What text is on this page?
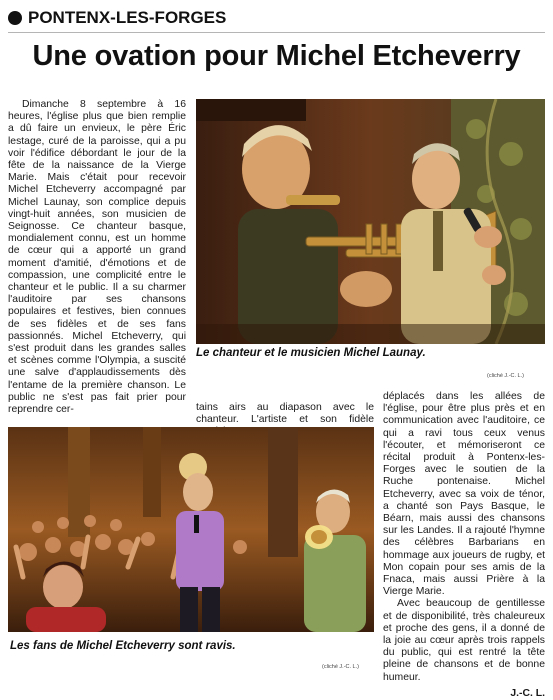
PONTENX-LES-FORGES
Une ovation pour Michel Etcheverry

Dimanche 8 septembre à 16 heures, l'église plus que bien remplie a dû faire un envieux, le père Éric lestage, curé de la paroisse, qui a pu voir l'édifice débordant le jour de la fête de la naissance de la Vierge Marie. Mais c'était pour recevoir Michel Etcheverry accompagné par Michel Launay, son complice depuis vingt-huit années, son musicien de Seignosse. Ce chanteur basque, mondialement connu, est un homme de cœur qui a apporté un grand moment d'amitié, d'émotions et de compassion, une complicité entre le chanteur et le public. Il a su charmer l'auditoire par ses chansons populaires et festives, bien connues de ses fidèles et de ses fans passionnés. Michel Etcheverry, qui s'est produit dans les grandes salles et scènes comme l'Olympia, a suscité une salve d'applaudissements dès l'entame de la première chanson. Le public ne s'est pas fait prier pour reprendre cer-

Le chanteur et le musicien Michel Launay.
(cliché J.-C. L.)

tains airs au diapason avec le chanteur. L'artiste et son fidèle

Les fans de Michel Etcheverry sont ravis.
(cliché J.-C. L.)

déplacés dans les allées de l'église, pour être plus près et en communication avec l'auditoire, ce qui a ravi tous ceux venus l'écouter, et mémoriseront ce récital produit à Pontenx-les-Forges avec le soutien de la Ruche pontenaise. Michel Etcheverry, avec sa voix de ténor, a chanté son Pays Basque, le Béarn, mais aussi des chansons sur les Landes. Il a rajouté l'hymne des célèbres Barbarians en hommage aux joueurs de rugby, et Mon copain pour ses amis de la Fnaca, mais aussi Prière à la Vierge Marie.

Avec beaucoup de gentillesse et de disponibilité, très chaleureux et proche des gens, il a donné de la joie au cœur après trois rappels du public, qui est rentré la tête pleine de chansons et de bonne humeur.

J.-C. L.
